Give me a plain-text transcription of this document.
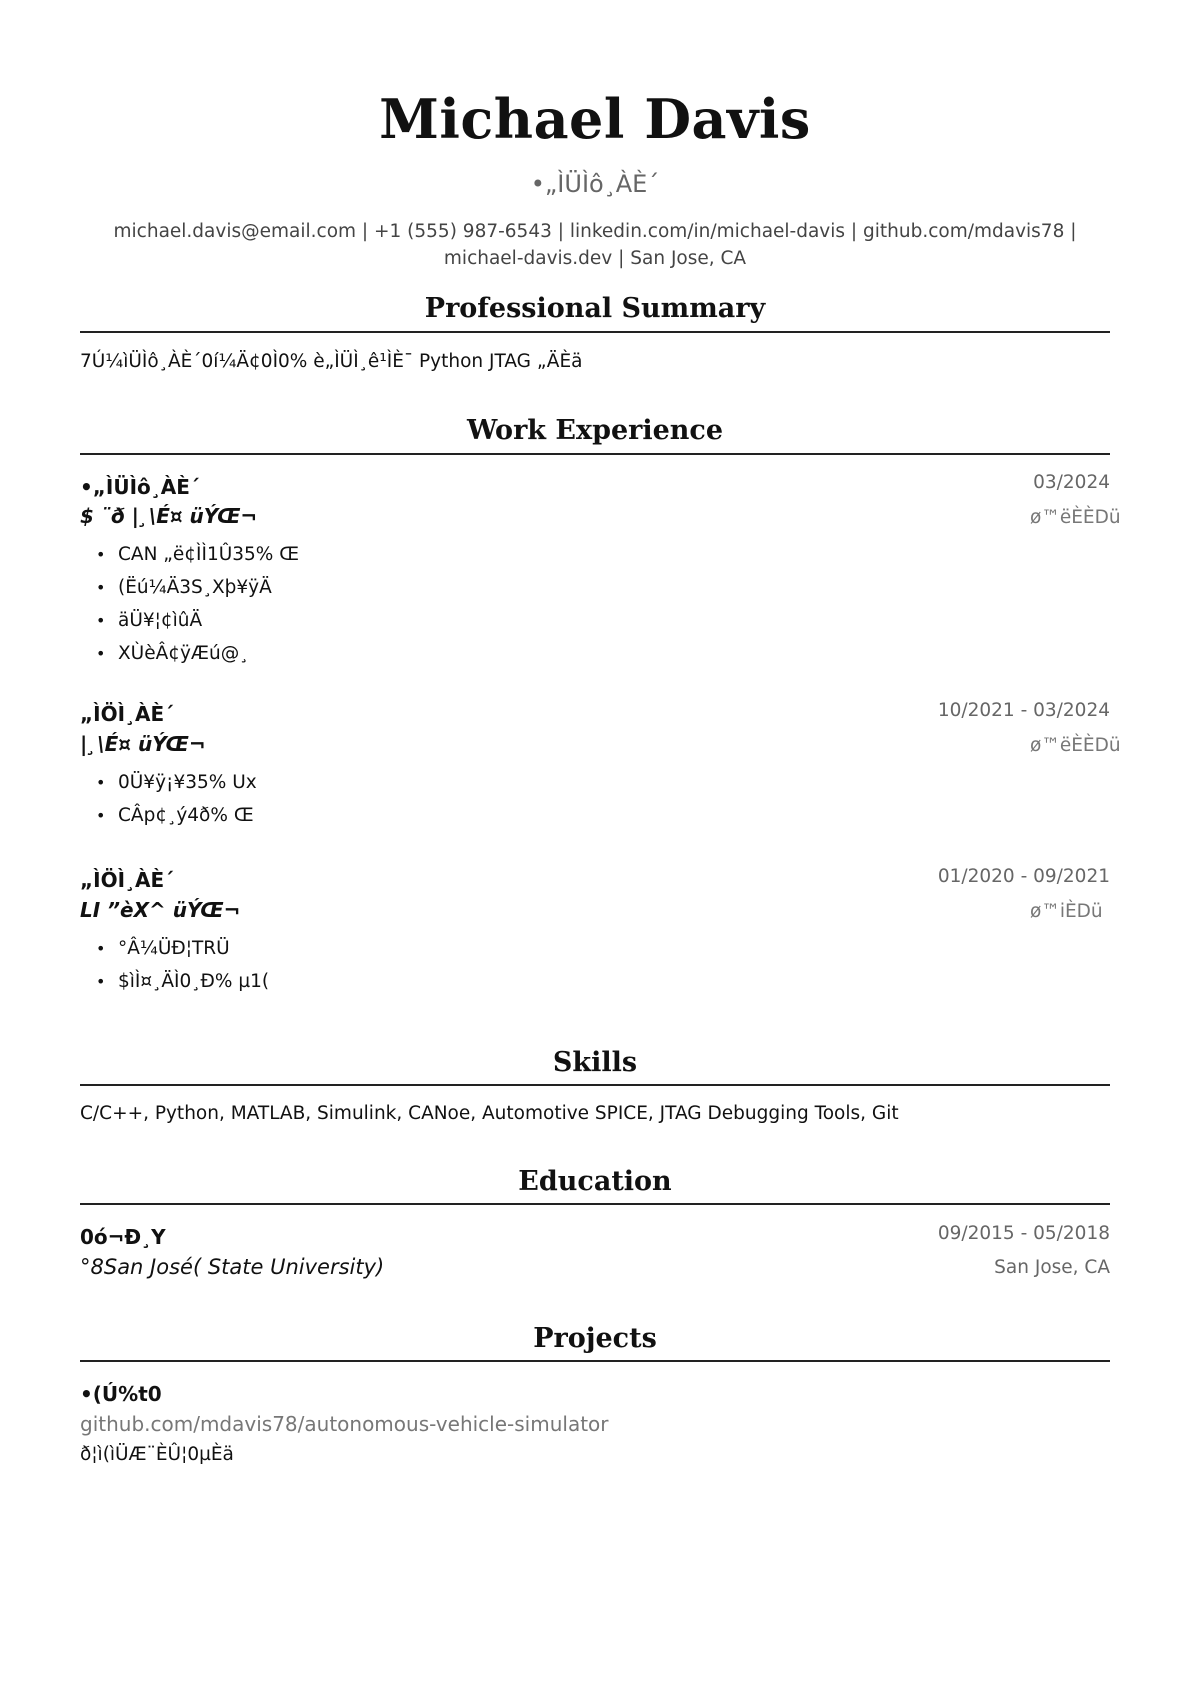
Michael Davis
•„ÌÜÌô¸ÀÈ´
michael.davis@email.com | +1 (555) 987-6543 | linkedin.com/in/michael-davis | github.com/mdavis78 |
michael-davis.dev | San Jose, CA
Professional Summary
7Ú¼ìÜÌô¸ÀÈ´0í¼Ä¢0Ì0% è„ÌÜÌ¸ê¹ÌÈ¯ Python JTAG „ÄÈä
Work Experience
•„ÌÜÌô¸ÀÈ´	03/2024
$ ¨ð |¸\É¤ üÝŒ¬	ø™ëÈÈDü
• CAN „ë¢ÌÌ1Û35% Œ
• (Ëú¼Ä3S¸Xþ¥ÿÄ
• äÜ¥¦¢ìûÄ
• XÙèÂ¢ÿÆú@¸
„ÌÖÌ¸ÀÈ´	10/2021 - 03/2024
|¸\É¤ üÝŒ¬	ø™ëÈÈDü
• 0Ü¥ÿ¡¥35% Ux
• CÂp¢¸ý4ð% Œ
„ÌÖÌ¸ÀÈ´	01/2020 - 09/2021
LI ”èX^ üÝŒ¬	ø™iÈDü
• °Â¼ÜÐ¦TRÜ
• $ìÌ¤¸ÄÌ0¸Ð% µ1(
Skills
C/C++, Python, MATLAB, Simulink, CANoe, Automotive SPICE, JTAG Debugging Tools, Git
Education
0ó¬Ð¸Y	09/2015 - 05/2018
°8San José( State University)	San Jose, CA
Projects
•(Ú%t0
github.com/mdavis78/autonomous-vehicle-simulator
ð¦ì(ìÜÆ¨ÈÛ¦0µÈä
